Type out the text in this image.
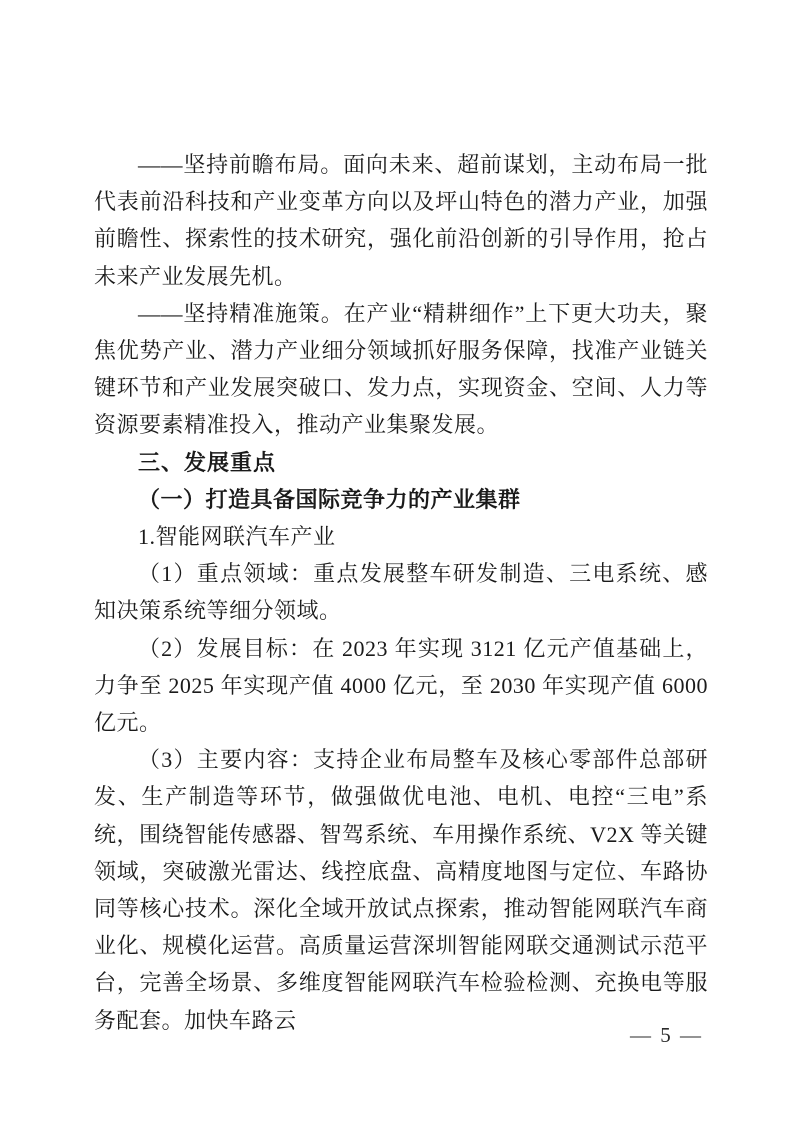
——坚持前瞻布局。面向未来、超前谋划，主动布局一批代表前沿科技和产业变革方向以及坪山特色的潜力产业，加强前瞻性、探索性的技术研究，强化前沿创新的引导作用，抢占未来产业发展先机。

——坚持精准施策。在产业“精耕细作”上下更大功夫，聚焦优势产业、潜力产业细分领域抓好服务保障，找准产业链关键环节和产业发展突破口、发力点，实现资金、空间、人力等资源要素精准投入，推动产业集聚发展。

三、发展重点

（一）打造具备国际竞争力的产业集群

1.智能网联汽车产业

（1）重点领域：重点发展整车研发制造、三电系统、感知决策系统等细分领域。

（2）发展目标：在 2023 年实现 3121 亿元产值基础上，力争至 2025 年实现产值 4000 亿元，至 2030 年实现产值 6000 亿元。

（3）主要内容：支持企业布局整车及核心零部件总部研发、生产制造等环节，做强做优电池、电机、电控“三电”系统，围绕智能传感器、智驾系统、车用操作系统、V2X 等关键领域，突破激光雷达、线控底盘、高精度地图与定位、车路协同等核心技术。深化全域开放试点探索，推动智能网联汽车商业化、规模化运营。高质量运营深圳智能网联交通测试示范平台，完善全场景、多维度智能网联汽车检验检测、充换电等服务配套。加快车路云

— 5 —
